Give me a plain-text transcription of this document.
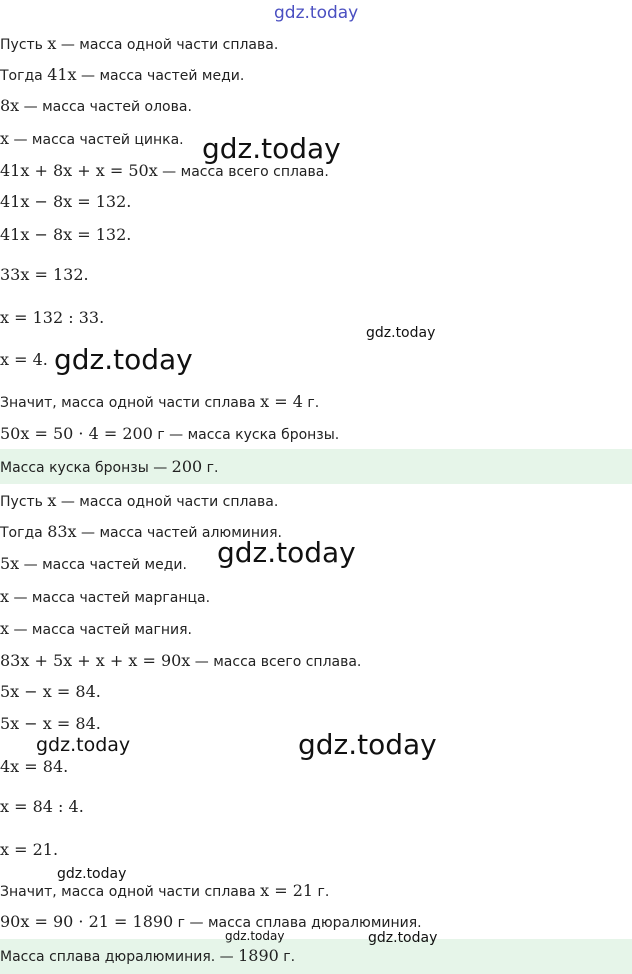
gdz.today
Пусть x — масса одной части сплава.
Тогда 41x — масса частей меди.
8x — масса частей олова.
x — масса частей цинка.
41x + 8x + x = 50x — масса всего сплава.
41x − 8x = 132.
41x − 8x = 132.
33x = 132.
x = 132 : 33.
x = 4.
Значит, масса одной части сплава x = 4 г.
50x = 50 · 4 = 200 г — масса куска бронзы.
Масса куска бронзы — 200 г.
Пусть x — масса одной части сплава.
Тогда 83x — масса частей алюминия.
5x — масса частей меди.
x — масса частей марганца.
x — масса частей магния.
83x + 5x + x + x = 90x — масса всего сплава.
5x − x = 84.
5x − x = 84.
4x = 84.
x = 84 : 4.
x = 21.
Значит, масса одной части сплава x = 21 г.
90x = 90 · 21 = 1890 г — масса сплава дюралюминия.
Масса сплава дюралюминия. — 1890 г.
gdz.today
gdz.today
gdz.today
gdz.today
gdz.today	gdz.today
gdz.today
gdz.today	gdz.today
